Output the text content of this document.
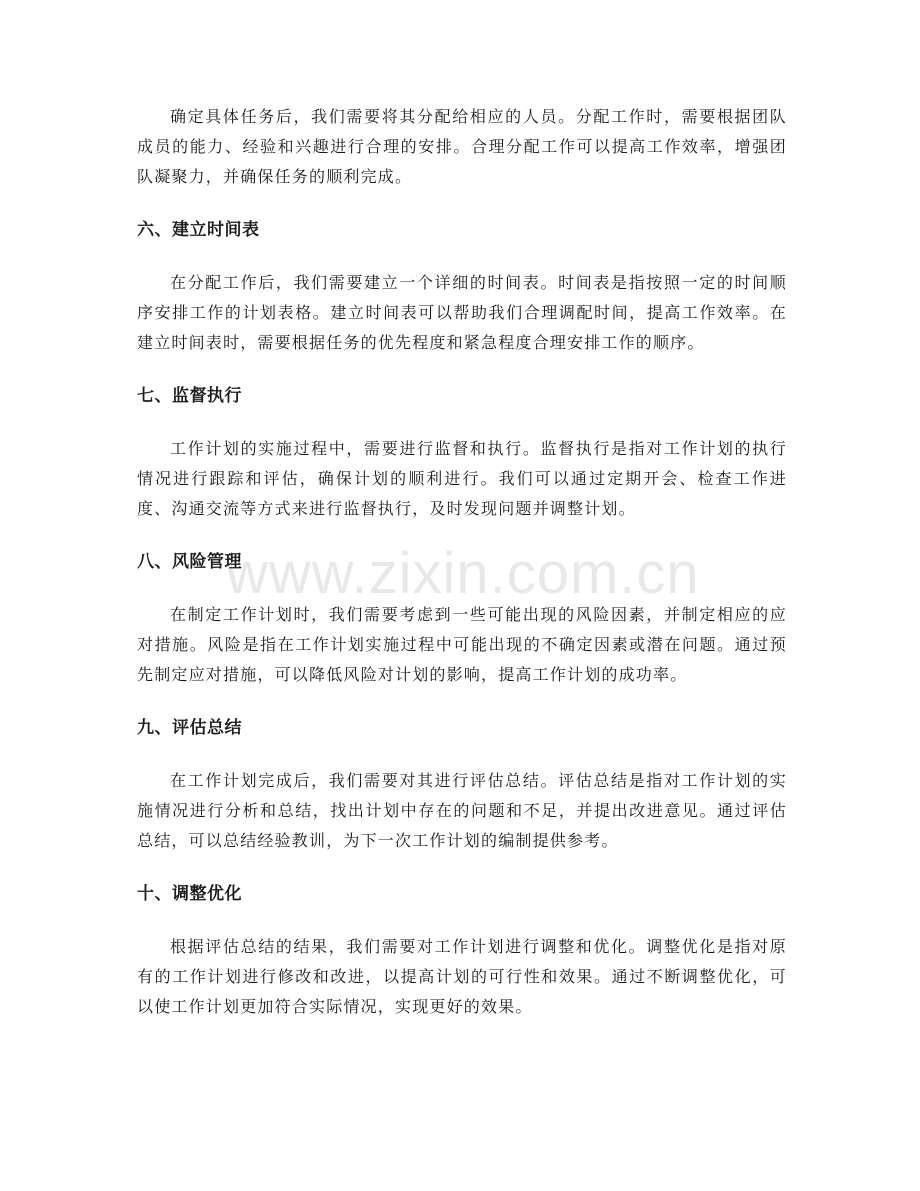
确定具体任务后，我们需要将其分配给相应的人员。分配工作时，需要根据团队成员的能力、经验和兴趣进行合理的安排。合理分配工作可以提高工作效率，增强团队凝聚力，并确保任务的顺利完成。

六、建立时间表

在分配工作后，我们需要建立一个详细的时间表。时间表是指按照一定的时间顺序安排工作的计划表格。建立时间表可以帮助我们合理调配时间，提高工作效率。在建立时间表时，需要根据任务的优先程度和紧急程度合理安排工作的顺序。

七、监督执行

工作计划的实施过程中，需要进行监督和执行。监督执行是指对工作计划的执行情况进行跟踪和评估，确保计划的顺利进行。我们可以通过定期开会、检查工作进度、沟通交流等方式来进行监督执行，及时发现问题并调整计划。

八、风险管理

在制定工作计划时，我们需要考虑到一些可能出现的风险因素，并制定相应的应对措施。风险是指在工作计划实施过程中可能出现的不确定因素或潜在问题。通过预先制定应对措施，可以降低风险对计划的影响，提高工作计划的成功率。

九、评估总结

在工作计划完成后，我们需要对其进行评估总结。评估总结是指对工作计划的实施情况进行分析和总结，找出计划中存在的问题和不足，并提出改进意见。通过评估总结，可以总结经验教训，为下一次工作计划的编制提供参考。

十、调整优化

根据评估总结的结果，我们需要对工作计划进行调整和优化。调整优化是指对原有的工作计划进行修改和改进，以提高计划的可行性和效果。通过不断调整优化，可以使工作计划更加符合实际情况，实现更好的效果。

www.zixin.com.cn
